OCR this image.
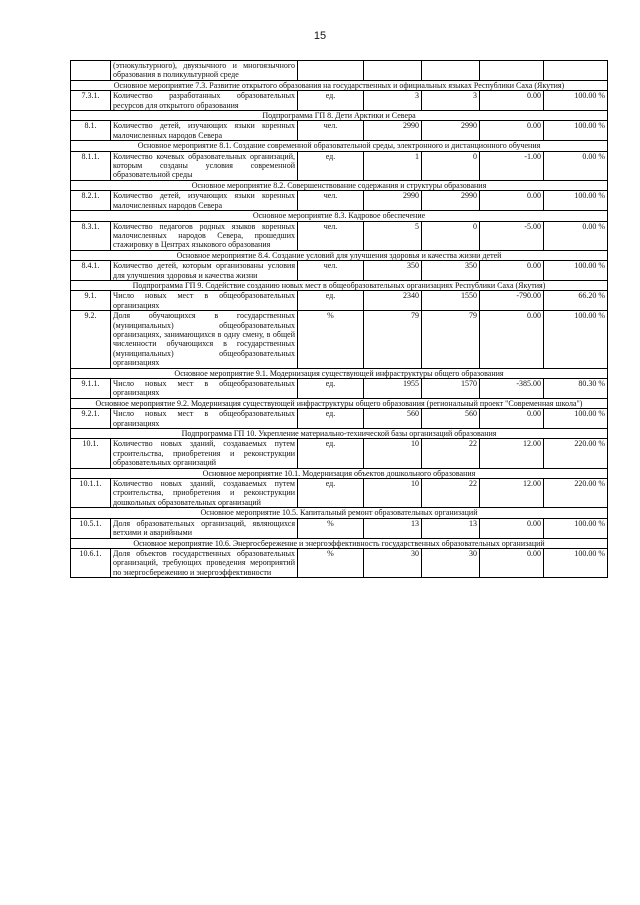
15
	(этнокультурного), двуязычного и многоязычного образования в поликультурной среде					
Основное мероприятие 7.3. Развитие открытого образования на государственных и официальных языках Республики Саха (Якутия)						
7.3.1.	Количество разработанных образовательных ресурсов для открытого образования	ед.	3	3	0.00	100.00 %
Подпрограмма ГП 8. Дети Арктики и Севера						
8.1.	Количество детей, изучающих языки коренных малочисленных народов Севера	чел.	2990	2990	0.00	100.00 %
Основное мероприятие 8.1. Создание современной образовательной среды, электронного и дистанционного обучения						
8.1.1.	Количество кочевых образовательных организаций, которым созданы условия современной образовательной среды	ед.	1	0	-1.00	0.00 %
Основное мероприятие 8.2. Совершенствование содержания и структуры образования						
8.2.1.	Количество детей, изучающих языки коренных малочисленных народов Севера	чел.	2990	2990	0.00	100.00 %
Основное мероприятие 8.3. Кадровое обеспечение						
8.3.1.	Количество педагогов родных языков коренных малочисленных народов Севера, прошедших стажировку в Центрах языкового образования	чел.	5	0	-5.00	0.00 %
Основное мероприятие 8.4. Создание условий для улучшения здоровья и качества жизни детей						
8.4.1.	Количество детей, которым организованы условия для улучшения здоровья и качества жизни	чел.	350	350	0.00	100.00 %
Подпрограмма ГП 9. Содействие созданию новых мест в общеобразовательных организациях Республики Саха (Якутия)						
9.1.	Число новых мест в общеобразовательных организациях	ед.	2340	1550	-790.00	66.20 %
9.2.	Доля обучающихся в государственных (муниципальных) общеобразовательных организациях, занимающихся в одну смену, в общей численности обучающихся в государственных (муниципальных) общеобразовательных организациях	%	79	79	0.00	100.00 %
Основное мероприятие 9.1. Модернизация существующей инфраструктуры общего образования						
9.1.1.	Число новых мест в общеобразовательных организациях	ед.	1955	1570	-385.00	80.30 %
Основное мероприятие 9.2. Модернизация существующей инфраструктуры общего образования (региональный проект "Современная школа")						
9.2.1.	Число новых мест в общеобразовательных организациях	ед.	560	560	0.00	100.00 %
Подпрограмма ГП 10. Укрепление материально-технической базы организаций образования						
10.1.	Количество новых зданий, создаваемых путем строительства, приобретения и реконструкции образовательных организаций	ед.	10	22	12.00	220.00 %
Основное мероприятие 10.1. Модернизация объектов дошкольного образования						
10.1.1.	Количество новых зданий, создаваемых путем строительства, приобретения и реконструкции дошкольных образовательных организаций	ед.	10	22	12.00	220.00 %
Основное мероприятие 10.5. Капитальный ремонт образовательных организаций						
10.5.1.	Доля образовательных организаций, являющихся ветхими и аварийными	%	13	13	0.00	100.00 %
Основное мероприятие 10.6. Энергосбережение и энергоэффективность государственных образовательных организаций						
10.6.1.	Доля объектов государственных образовательных организаций, требующих проведения мероприятий по энергосбережению и энергоэффективности	%	30	30	0.00	100.00 %
